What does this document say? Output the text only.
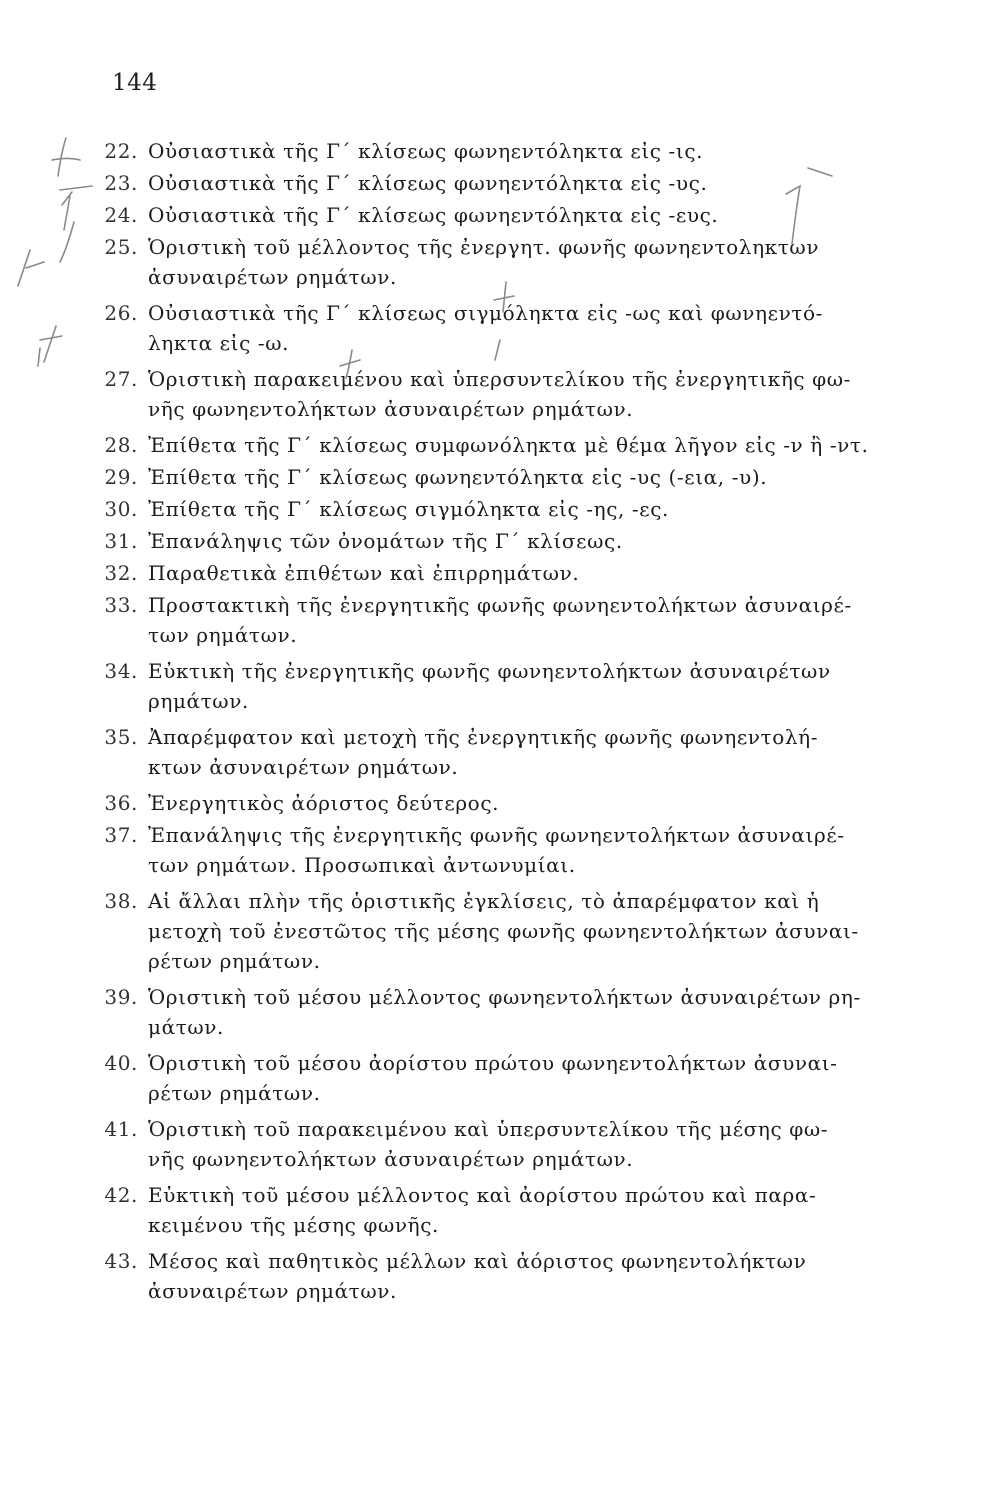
144
22. Οὐσιαστικὰ τῆς Γ΄ κλίσεως φωνηεντόληκτα εἰς -ις.
23. Οὐσιαστικὰ τῆς Γ΄ κλίσεως φωνηεντόληκτα εἰς -υς.
24. Οὐσιαστικὰ τῆς Γ΄ κλίσεως φωνηεντόληκτα εἰς -ευς.
25. Ὁριστικὴ τοῦ μέλλοντος τῆς ἐνεργητ. φωνῆς φωνηεντοληκτων
ἀσυναιρέτων ρημάτων.
26. Οὐσιαστικὰ τῆς Γ΄ κλίσεως σιγμόληκτα εἰς -ως καὶ φωνηεντό-
ληκτα εἰς -ω.
27. Ὁριστικὴ παρακειμένου καὶ ὑπερσυντελίκου τῆς ἐνεργητικῆς φω-
νῆς φωνηεντολήκτων ἀσυναιρέτων ρημάτων.
28. Ἐπίθετα τῆς Γ΄ κλίσεως συμφωνόληκτα μὲ θέμα λῆγον εἰς -ν ἢ -ντ.
29. Ἐπίθετα τῆς Γ΄ κλίσεως φωνηεντόληκτα εἰς -υς (-εια, -υ).
30. Ἐπίθετα τῆς Γ΄ κλίσεως σιγμόληκτα εἰς -ης, -ες.
31. Ἐπανάληψις τῶν ὀνομάτων τῆς Γ΄ κλίσεως.
32. Παραθετικὰ ἐπιθέτων καὶ ἐπιρρημάτων.
33. Προστακτικὴ τῆς ἐνεργητικῆς φωνῆς φωνηεντολήκτων ἀσυναιρέ-
των ρημάτων.
34. Εὐκτικὴ τῆς ἐνεργητικῆς φωνῆς φωνηεντολήκτων ἀσυναιρέτων
ρημάτων.
35. Ἀπαρέμφατον καὶ μετοχὴ τῆς ἐνεργητικῆς φωνῆς φωνηεντολή-
κτων ἀσυναιρέτων ρημάτων.
36. Ἐνεργητικὸς ἀόριστος δεύτερος.
37. Ἐπανάληψις τῆς ἐνεργητικῆς φωνῆς φωνηεντολήκτων ἀσυναιρέ-
των ρημάτων. Προσωπικαὶ ἀντωνυμίαι.
38. Αἱ ἄλλαι πλὴν τῆς ὁριστικῆς ἐγκλίσεις, τὸ ἀπαρέμφατον καὶ ἡ
μετοχὴ τοῦ ἐνεστῶτος τῆς μέσης φωνῆς φωνηεντολήκτων ἀσυναι-
ρέτων ρημάτων.
39. Ὁριστικὴ τοῦ μέσου μέλλοντος φωνηεντολήκτων ἀσυναιρέτων ρη-
μάτων.
40. Ὁριστικὴ τοῦ μέσου ἀορίστου πρώτου φωνηεντολήκτων ἀσυναι-
ρέτων ρημάτων.
41. Ὁριστικὴ τοῦ παρακειμένου καὶ ὑπερσυντελίκου τῆς μέσης φω-
νῆς φωνηεντολήκτων ἀσυναιρέτων ρημάτων.
42. Εὐκτικὴ τοῦ μέσου μέλλοντος καὶ ἀορίστου πρώτου καὶ παρα-
κειμένου τῆς μέσης φωνῆς.
43. Μέσος καὶ παθητικὸς μέλλων καὶ ἀόριστος φωνηεντολήκτων
ἀσυναιρέτων ρημάτων.
